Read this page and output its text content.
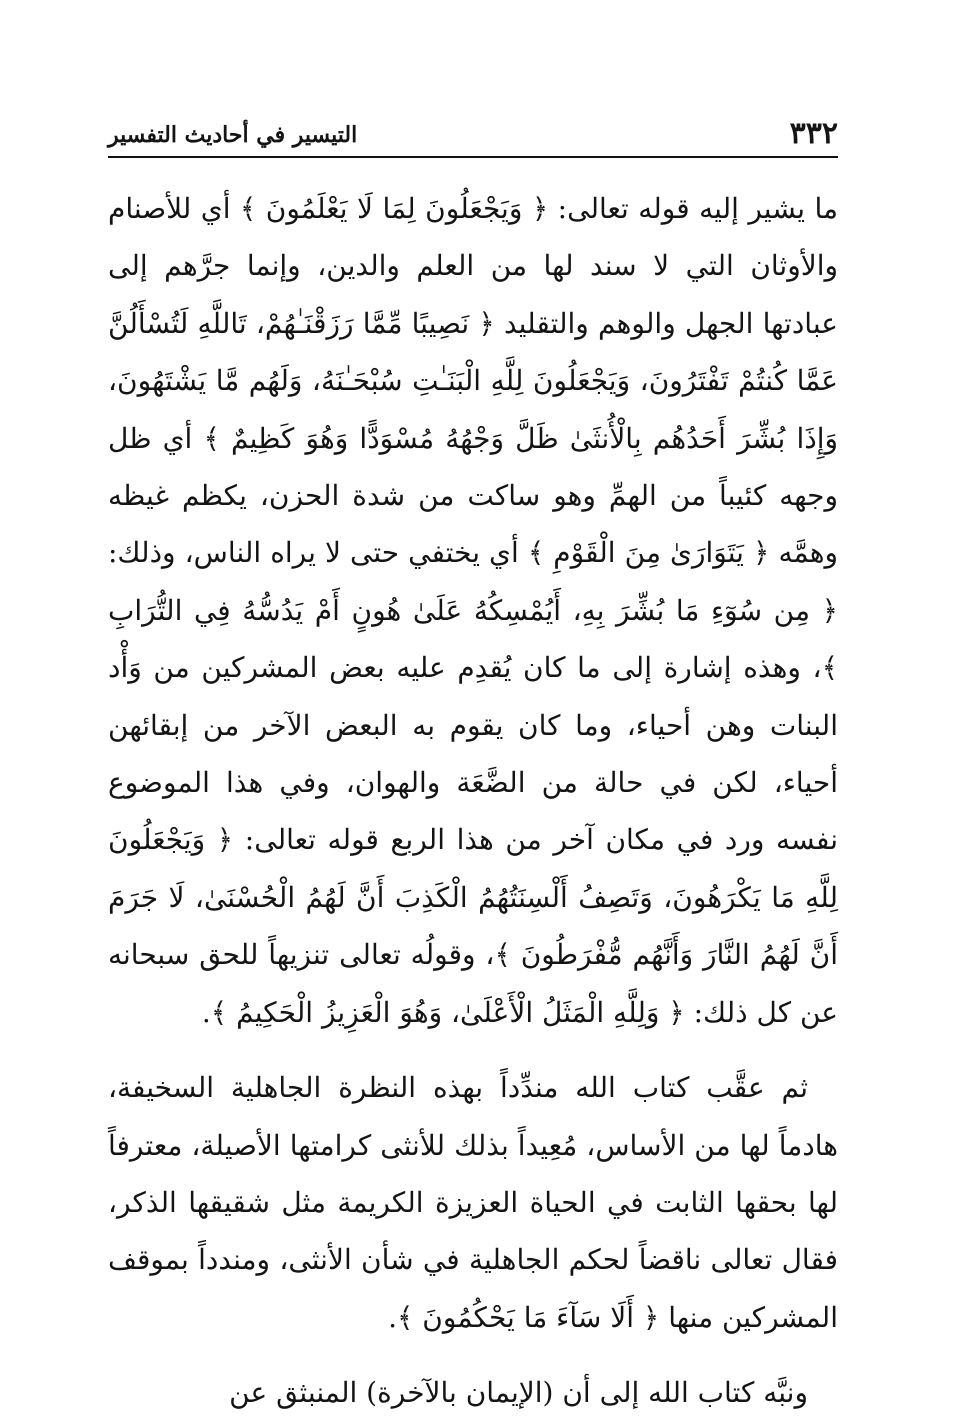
٣٣٢
التيسير في أحاديث التفسير

ما يشير إليه قوله تعالى: ﴿ وَيَجْعَلُونَ لِمَا لَا يَعْلَمُونَ ﴾ أي للأصنام والأوثان التي لا سند لها من العلم والدين، وإنما جرَّهم إلى عبادتها الجهل والوهم والتقليد ﴿ نَصِيبًا مِّمَّا رَزَقْنَـٰهُمْ، تَاللَّهِ لَتُسْأَلُنَّ عَمَّا كُنتُمْ تَفْتَرُونَ، وَيَجْعَلُونَ لِلَّهِ الْبَنَـٰتِ سُبْحَـٰنَهُ، وَلَهُم مَّا يَشْتَهُونَ، وَإِذَا بُشِّرَ أَحَدُهُم بِالْأُنثَىٰ ظَلَّ وَجْهُهُ مُسْوَدًّا وَهُوَ كَظِيمٌ ﴾ أي ظل وجهه كئيباً من الهمِّ وهو ساكت من شدة الحزن، يكظم غيظه وهمَّه ﴿ يَتَوَارَىٰ مِنَ الْقَوْمِ ﴾ أي يختفي حتى لا يراه الناس، وذلك: ﴿ مِن سُوٓءِ مَا بُشِّرَ بِهِ، أَيُمْسِكُهُ عَلَىٰ هُونٍ أَمْ يَدُسُّهُ فِي التُّرَابِ ﴾، وهذه إشارة إلى ما كان يُقدِم عليه بعض المشركين من وَأْد البنات وهن أحياء، وما كان يقوم به البعض الآخر من إبقائهن أحياء، لكن في حالة من الضَّعَة والهوان، وفي هذا الموضوع نفسه ورد في مكان آخر من هذا الربع قوله تعالى: ﴿ وَيَجْعَلُونَ لِلَّهِ مَا يَكْرَهُونَ، وَتَصِفُ أَلْسِنَتُهُمُ الْكَذِبَ أَنَّ لَهُمُ الْحُسْنَىٰ، لَا جَرَمَ أَنَّ لَهُمُ النَّارَ وَأَنَّهُم مُّفْرَطُونَ ﴾، وقولُه تعالى تنزيهاً للحق سبحانه عن كل ذلك: ﴿ وَلِلَّهِ الْمَثَلُ الْأَعْلَىٰ، وَهُوَ الْعَزِيزُ الْحَكِيمُ ﴾.

ثم عقَّب كتاب الله مندِّداً بهذه النظرة الجاهلية السخيفة، هادماً لها من الأساس، مُعِيداً بذلك للأنثى كرامتها الأصيلة، معترفاً لها بحقها الثابت في الحياة العزيزة الكريمة مثل شقيقها الذكر، فقال تعالى ناقضاً لحكم الجاهلية في شأن الأنثى، ومندداً بموقف المشركين منها ﴿ أَلَا سَآءَ مَا يَحْكُمُونَ ﴾.

ونبَّه كتاب الله إلى أن (الإيمان بالآخرة) المنبثق عن
